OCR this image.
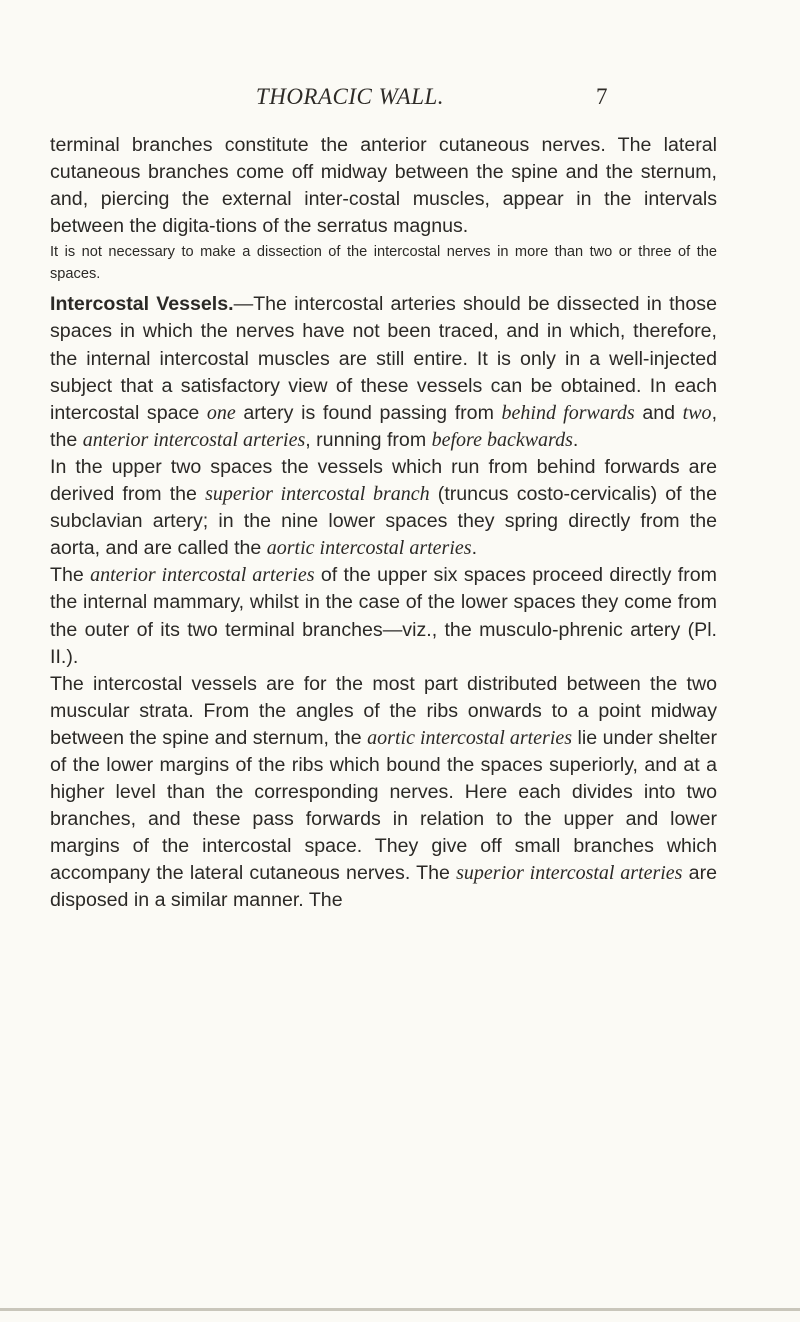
THORACIC WALL.	7

terminal branches constitute the anterior cutaneous nerves. The lateral cutaneous branches come off midway between the spine and the sternum, and, piercing the external inter-costal muscles, appear in the intervals between the digita-tions of the serratus magnus.

It is not necessary to make a dissection of the intercostal nerves in more than two or three of the spaces.

Intercostal Vessels.—The intercostal arteries should be dissected in those spaces in which the nerves have not been traced, and in which, therefore, the internal intercostal muscles are still entire. It is only in a well-injected subject that a satisfactory view of these vessels can be obtained. In each intercostal space one artery is found passing from behind forwards and two, the anterior intercostal arteries, running from before backwards.

In the upper two spaces the vessels which run from behind forwards are derived from the superior intercostal branch (truncus costo-cervicalis) of the subclavian artery; in the nine lower spaces they spring directly from the aorta, and are called the aortic intercostal arteries.

The anterior intercostal arteries of the upper six spaces proceed directly from the internal mammary, whilst in the case of the lower spaces they come from the outer of its two terminal branches—viz., the musculo-phrenic artery (Pl. II.).

The intercostal vessels are for the most part distributed between the two muscular strata. From the angles of the ribs onwards to a point midway between the spine and sternum, the aortic intercostal arteries lie under shelter of the lower margins of the ribs which bound the spaces superiorly, and at a higher level than the corresponding nerves. Here each divides into two branches, and these pass forwards in relation to the upper and lower margins of the intercostal space. They give off small branches which accompany the lateral cutaneous nerves. The superior intercostal arteries are disposed in a similar manner. The
